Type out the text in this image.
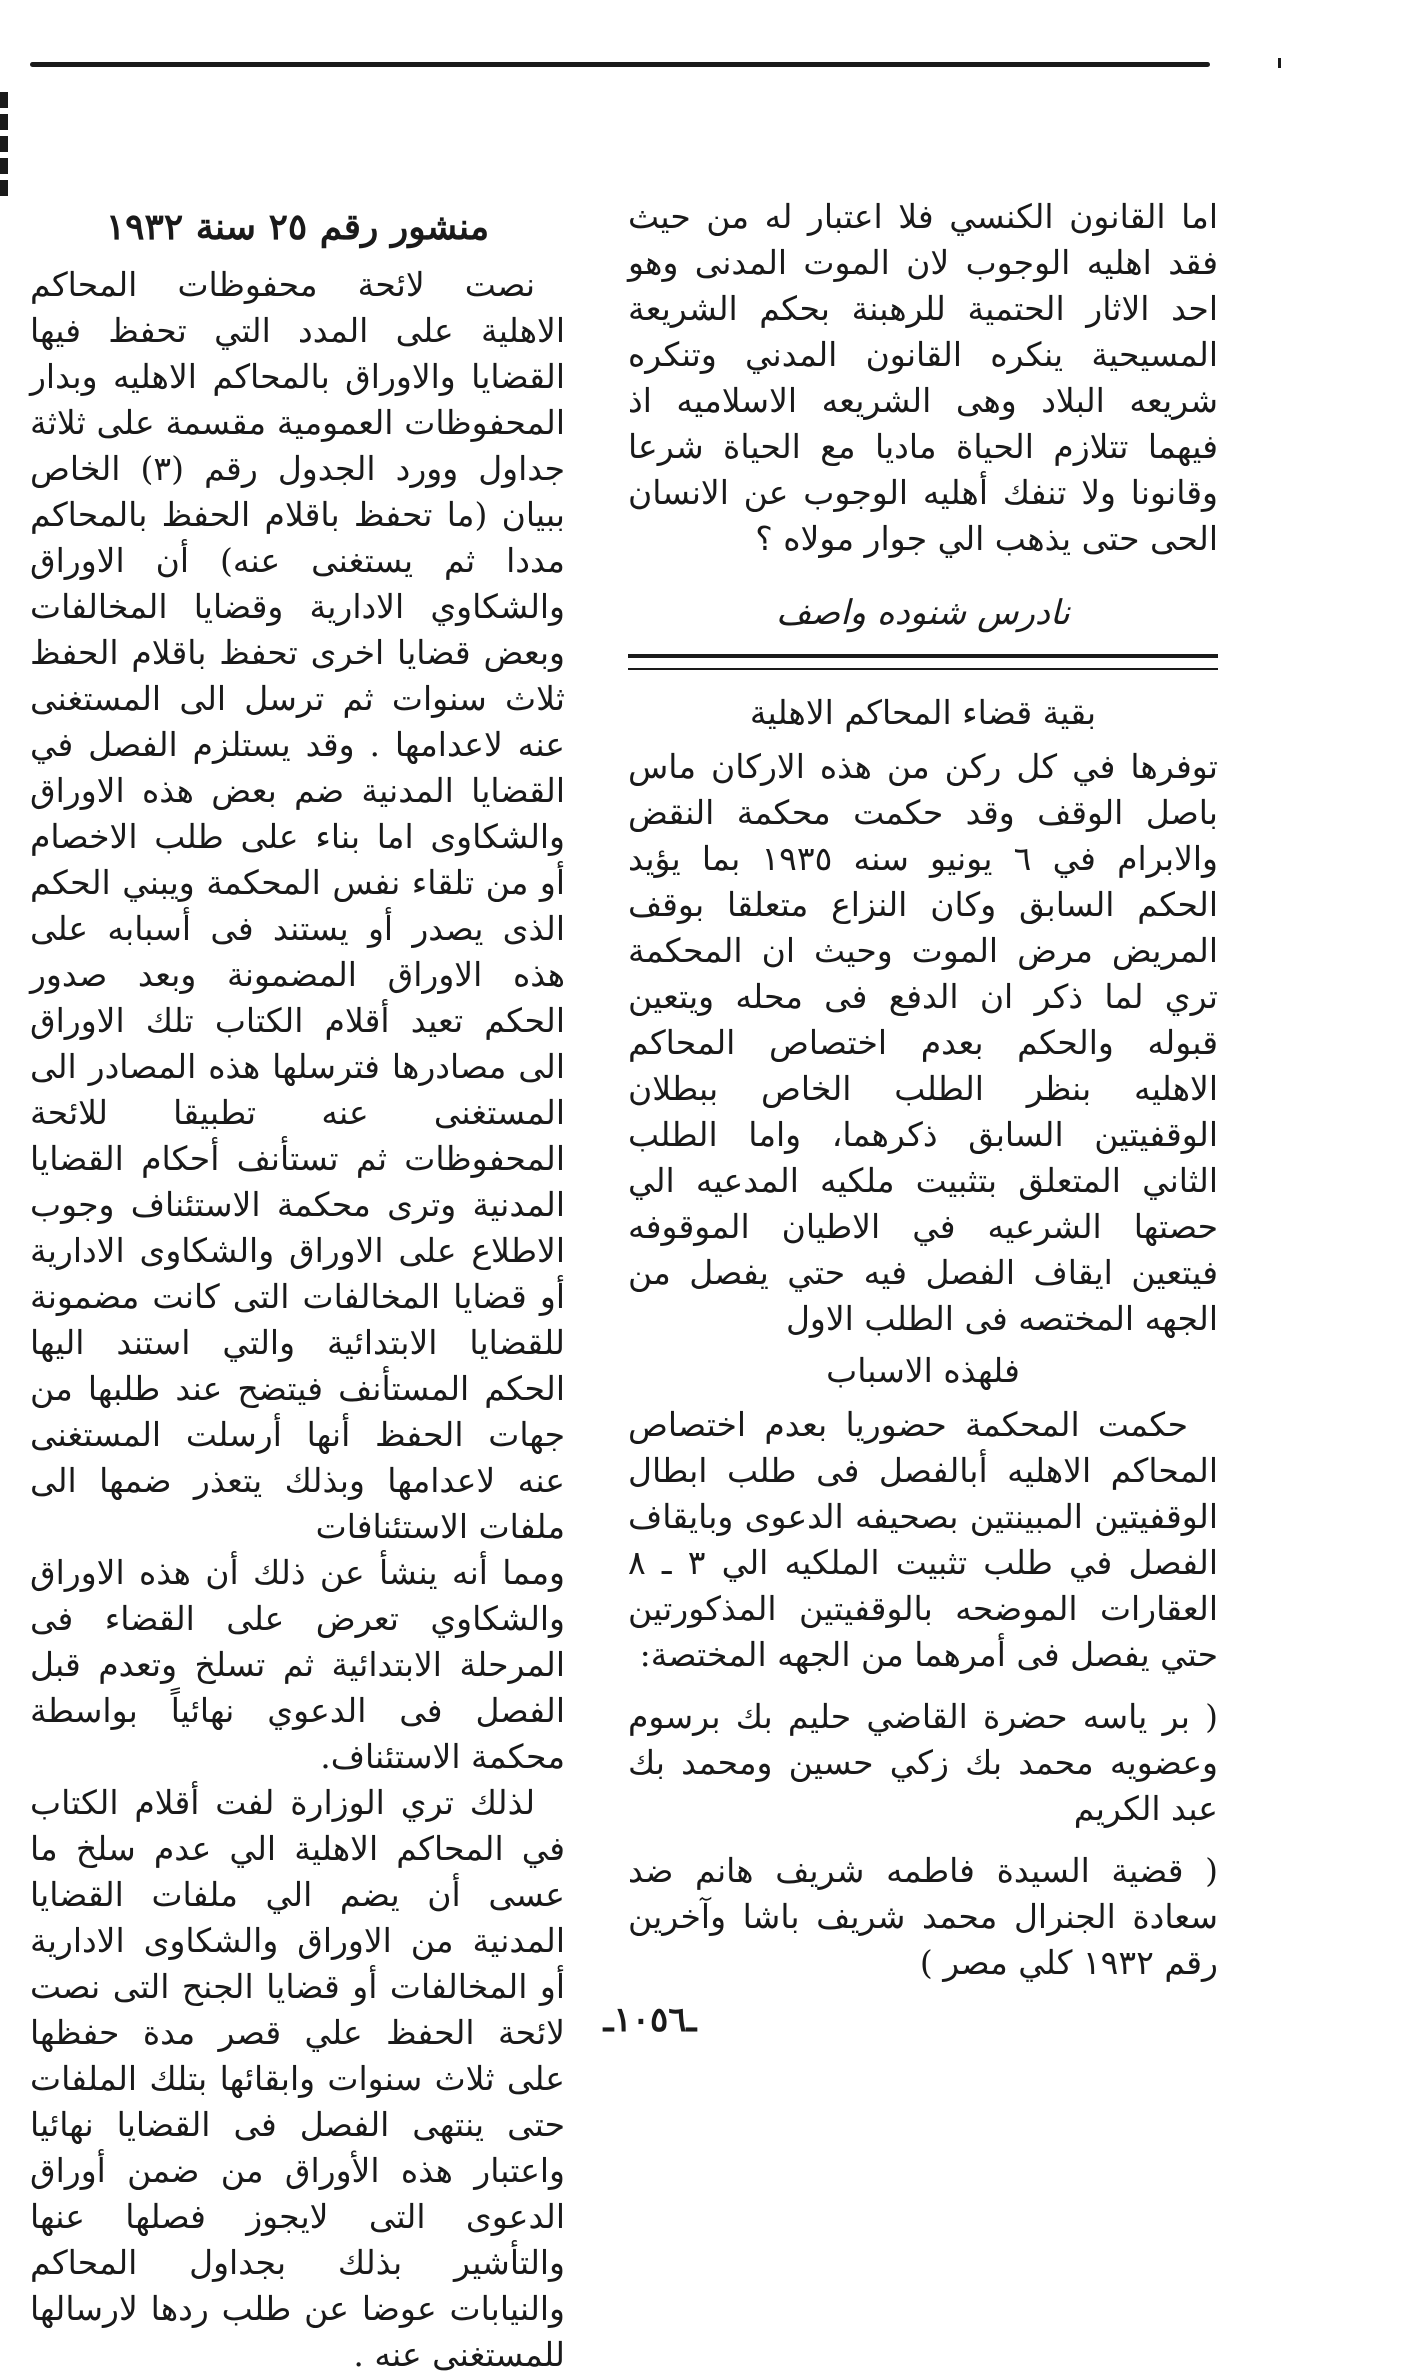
اما القانون الكنسي فلا اعتبار له من حيث فقد اهليه الوجوب لان الموت المدنى وهو احد الاثار الحتمية للرهبنة بحكم الشريعة المسيحية ينكره القانون المدني وتنكره شريعه البلاد وهى الشريعه الاسلاميه اذ فيهما تتلازم الحياة ماديا مع الحياة شرعا وقانونا ولا تنفك أهليه الوجوب عن الانسان الحى حتى يذهب الي جوار مولاه ؟

نادرس شنوده واصف
بقية قضاء المحاكم الاهلية

توفرها في كل ركن من هذه الاركان ماس باصل الوقف وقد حكمت محكمة النقض والابرام في ٦ يونيو سنه ١٩٣٥ بما يؤيد الحكم السابق وكان النزاع متعلقا بوقف المريض مرض الموت وحيث ان المحكمة تري لما ذكر ان الدفع فى محله ويتعين قبوله والحكم بعدم اختصاص المحاكم الاهليه بنظر الطلب الخاص ببطلان الوقفيتين السابق ذكرهما، واما الطلب الثاني المتعلق بتثبيت ملكيه المدعيه الي حصتها الشرعيه في الاطيان الموقوفه فيتعين ايقاف الفصل فيه حتي يفصل من الجهه المختصه فى الطلب الاول

فلهذه الاسباب

حكمت المحكمة حضوريا بعدم اختصاص المحاكم الاهليه أبالفصل فى طلب ابطال الوقفيتين المبينتين بصحيفه الدعوى وبايقاف الفصل في طلب تثبيت الملكيه الي ٣ ـ ٨ العقارات الموضحه بالوقفيتين المذكورتين حتي يفصل فى أمرهما من الجهه المختصة:

( بر ياسه حضرة القاضي حليم بك برسوم وعضويه محمد بك زكي حسين ومحمد بك عبد الكريم

( قضية السيدة فاطمه شريف هانم ضد سعادة الجنرال محمد شريف باشا وآخرين رقم ١٩٣٢ كلي مصر )

منشور رقم ٢٥ سنة ١٩٣٢

نصت لائحة محفوظات المحاكم الاهلية على المدد التي تحفظ فيها القضايا والاوراق بالمحاكم الاهليه وبدار المحفوظات العمومية مقسمة على ثلاثة جداول وورد الجدول رقم (٣) الخاص ببيان (ما تحفظ باقلام الحفظ بالمحاكم مددا ثم يستغنى عنه) أن الاوراق والشكاوي الادارية وقضايا المخالفات وبعض قضايا اخرى تحفظ باقلام الحفظ ثلاث سنوات ثم ترسل الى المستغنى عنه لاعدامها . وقد يستلزم الفصل في القضايا المدنية ضم بعض هذه الاوراق والشكاوى اما بناء على طلب الاخصام أو من تلقاء نفس المحكمة ويبني الحكم الذى يصدر أو يستند فى أسبابه على هذه الاوراق المضمونة وبعد صدور الحكم تعيد أقلام الكتاب تلك الاوراق الى مصادرها فترسلها هذه المصادر الى المستغنى عنه تطبيقا للائحة المحفوظات ثم تستأنف أحكام القضايا المدنية وترى محكمة الاستئناف وجوب الاطلاع على الاوراق والشكاوى الادارية أو قضايا المخالفات التى كانت مضمونة للقضايا الابتدائية والتي استند اليها الحكم المستأنف فيتضح عند طلبها من جهات الحفظ أنها أرسلت المستغنى عنه لاعدامها وبذلك يتعذر ضمها الى ملفات الاستئنافات

ومما أنه ينشأ عن ذلك أن هذه الاوراق والشكاوي تعرض على القضاء فى المرحلة الابتدائية ثم تسلخ وتعدم قبل الفصل فى الدعوي نهائياً بواسطة محكمة الاستئناف.

لذلك تري الوزارة لفت أقلام الكتاب في المحاكم الاهلية الي عدم سلخ ما عسى أن يضم الي ملفات القضايا المدنية من الاوراق والشكاوى الادارية أو المخالفات أو قضايا الجنح التى نصت لائحة الحفظ علي قصر مدة حفظها على ثلاث سنوات وابقائها بتلك الملفات حتى ينتهى الفصل فى القضايا نهائيا واعتبار هذه الأوراق من ضمن أوراق الدعوى التى لايجوز فصلها عنها والتأشير بذلك بجداول المحاكم والنيابات عوضا عن طلب ردها لارسالها للمستغنى عنه .

ـ١٠٥٦ـ
